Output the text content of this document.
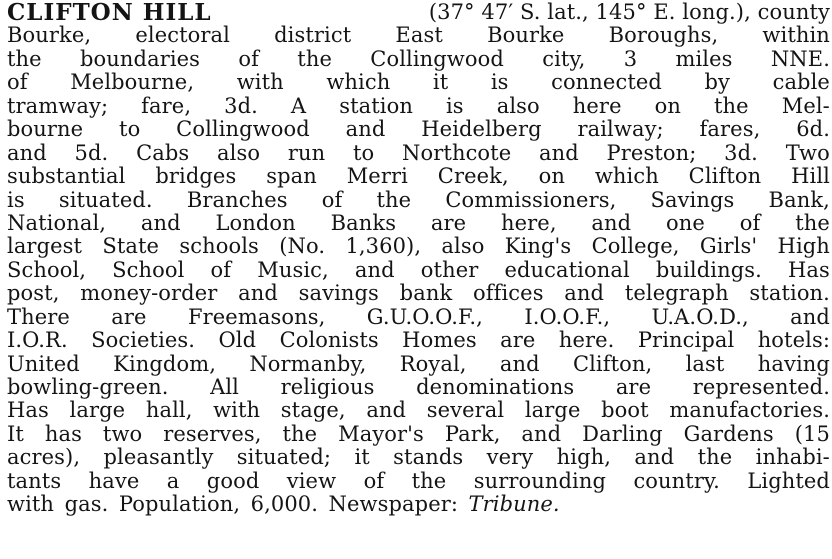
CLIFTON HILL	(37° 47′ S. lat., 145° E. long.), county
Bourke, electoral district East Bourke Boroughs, within
the boundaries of the Collingwood city, 3 miles NNE.
of Melbourne, with which it is connected by cable
tramway; fare, 3d. A station is also here on the Mel-
bourne to Collingwood and Heidelberg railway; fares, 6d.
and 5d. Cabs also run to Northcote and Preston; 3d. Two
substantial bridges span Merri Creek, on which Clifton Hill
is situated. Branches of the Commissioners, Savings Bank,
National, and London Banks are here, and one of the
largest State schools (No. 1,360), also King's College, Girls' High
School, School of Music, and other educational buildings. Has
post, money-order and savings bank offices and telegraph station.
There are Freemasons, G.U.O.O.F., I.O.O.F., U.A.O.D., and
I.O.R. Societies. Old Colonists Homes are here. Principal hotels:
United Kingdom, Normanby, Royal, and Clifton, last having
bowling-green. All religious denominations are represented.
Has large hall, with stage, and several large boot manufactories.
It has two reserves, the Mayor's Park, and Darling Gardens (15
acres), pleasantly situated; it stands very high, and the inhabi-
tants have a good view of the surrounding country. Lighted
with gas. Population, 6,000. Newspaper: Tribune.
